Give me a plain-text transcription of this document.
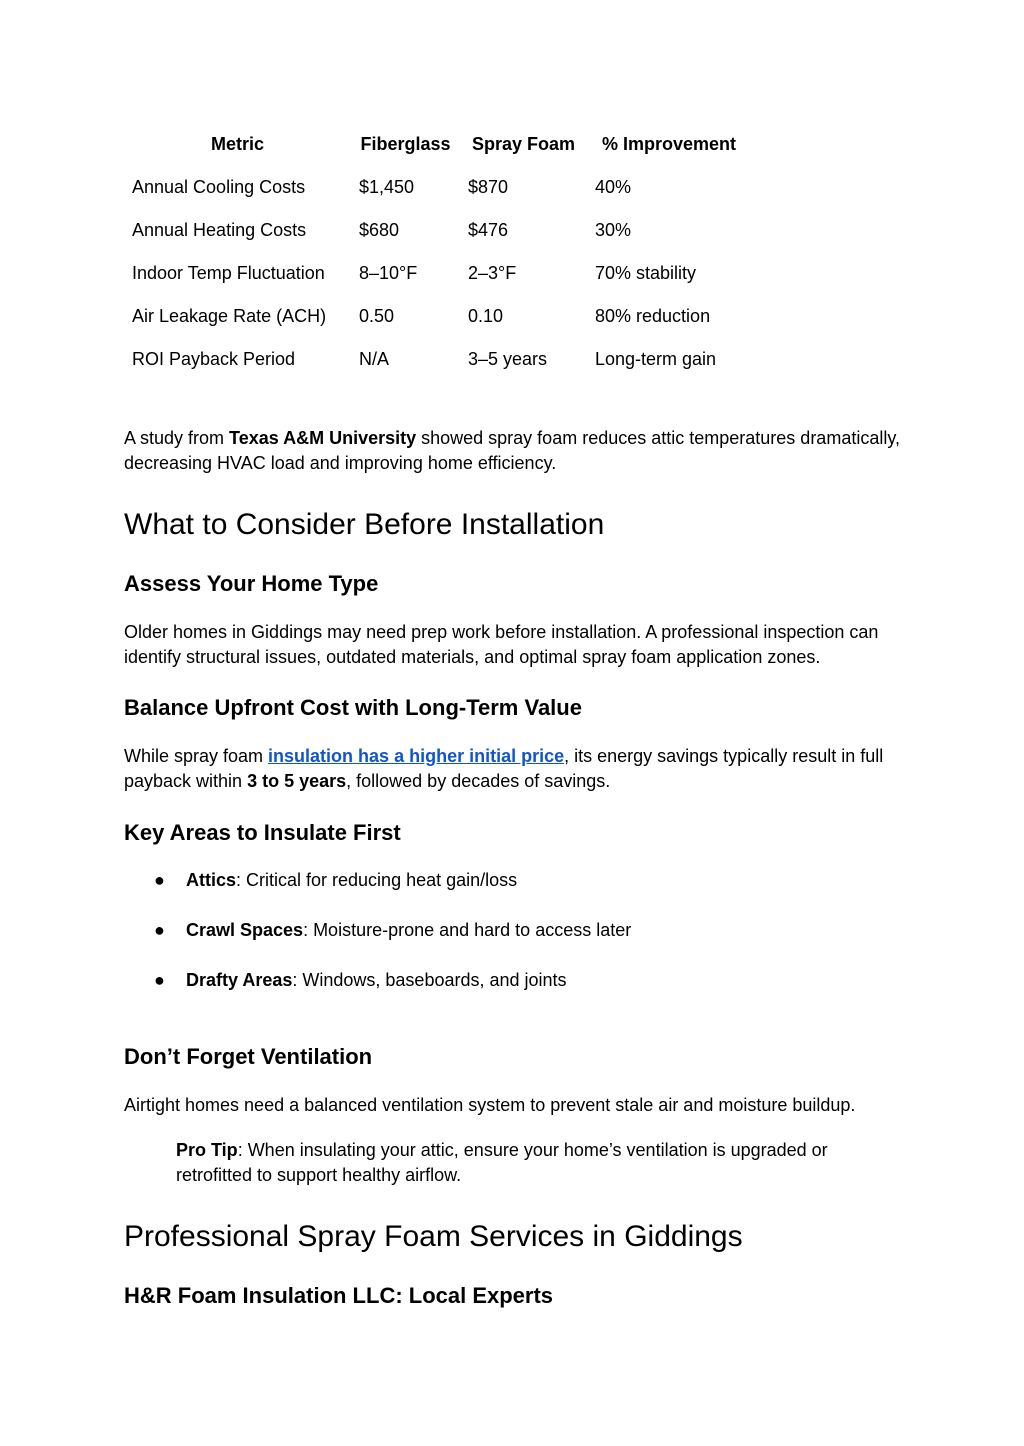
Metric	Fiberglass	Spray Foam	% Improvement
Annual Cooling Costs	$1,450	$870	40%
Annual Heating Costs	$680	$476	30%
Indoor Temp Fluctuation	8–10°F	2–3°F	70% stability
Air Leakage Rate (ACH)	0.50	0.10	80% reduction
ROI Payback Period	N/A	3–5 years	Long-term gain

A study from Texas A&M University showed spray foam reduces attic temperatures dramatically, decreasing HVAC load and improving home efficiency.

What to Consider Before Installation
Assess Your Home Type

Older homes in Giddings may need prep work before installation. A professional inspection can identify structural issues, outdated materials, and optimal spray foam application zones.

Balance Upfront Cost with Long-Term Value

While spray foam insulation has a higher initial price, its energy savings typically result in full payback within 3 to 5 years, followed by decades of savings.

Key Areas to Insulate First
● Attics: Critical for reducing heat gain/loss
● Crawl Spaces: Moisture-prone and hard to access later
● Drafty Areas: Windows, baseboards, and joints
Don’t Forget Ventilation

Airtight homes need a balanced ventilation system to prevent stale air and moisture buildup.

Pro Tip: When insulating your attic, ensure your home’s ventilation is upgraded or retrofitted to support healthy airflow.

Professional Spray Foam Services in Giddings
H&R Foam Insulation LLC: Local Experts
